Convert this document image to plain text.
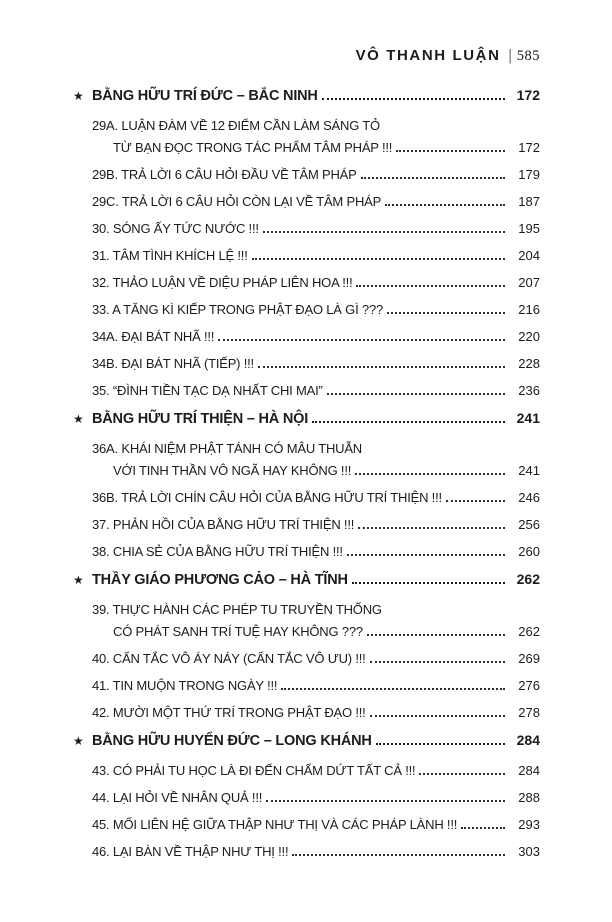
VÔ THANH LUẬN | 585
★ BẰNG HỮU TRÍ ĐỨC – BẮC NINH	172
29A. LUẬN ĐÀM VỀ 12 ĐIỂM CẦN LÀM SÁNG TỎ
TỪ BẠN ĐỌC TRONG TÁC PHẨM TÂM PHÁP !!!	172
29B. TRẢ LỜI 6 CÂU HỎI ĐẦU VỀ TÂM PHÁP	179
29C. TRẢ LỜI 6 CÂU HỎI CÒN LẠI VỀ TÂM PHÁP	187
30. SÓNG ẤY TỨC NƯỚC !!!	195
31. TÂM TÌNH KHÍCH LỆ !!!	204
32. THẢO LUẬN VỀ DIỆU PHÁP LIÊN HOA !!!	207
33. A TĂNG KÌ KIẾP TRONG PHẬT ĐẠO LÀ GÌ ???	216
34A. ĐẠI BÁT NHÃ !!!	220
34B. ĐẠI BÁT NHÃ (TIẾP) !!!	228
35. “ĐÌNH TIỀN TẠC DẠ NHẤT CHI MAI”	236
★ BẰNG HỮU TRÍ THIỆN – HÀ NỘI	241
36A. KHÁI NIỆM PHẬT TÁNH CÓ MÂU THUẪN
VỚI TINH THẦN VÔ NGÃ HAY KHÔNG !!!	241
36B. TRẢ LỜI CHÍN CÂU HỎI CỦA BẰNG HỮU TRÍ THIỆN !!!	246
37. PHẢN HỒI CỦA BẰNG HỮU TRÍ THIỆN !!!	256
38. CHIA SẺ CỦA BẰNG HỮU TRÍ THIỆN !!!	260
★ THẦY GIÁO PHƯƠNG CẢO – HÀ TĨNH	262
39. THỰC HÀNH CÁC PHÉP TU TRUYỀN THỐNG
CÓ PHÁT SANH TRÍ TUỆ HAY KHÔNG ???	262
40. CẨN TẮC VÔ ÁY NÁY (CẨN TẮC VÔ ƯU) !!!	269
41. TIN MUỘN TRONG NGÀY !!!	276
42. MƯỜI MỘT THỨ TRÍ TRONG PHẬT ĐẠO !!!	278
★ BẰNG HỮU HUYỂN ĐỨC – LONG KHÁNH	284
43. CÓ PHẢI TU HỌC LÀ ĐI ĐẾN CHẤM DỨT TẤT CẢ !!!	284
44. LẠI HỎI VỀ NHÂN QUẢ !!!	288
45. MỐI LIÊN HỆ GIỮA THẬP NHƯ THỊ VÀ CÁC PHÁP LÀNH !!!	293
46. LẠI BÀN VỀ THẬP NHƯ THỊ !!!	303
